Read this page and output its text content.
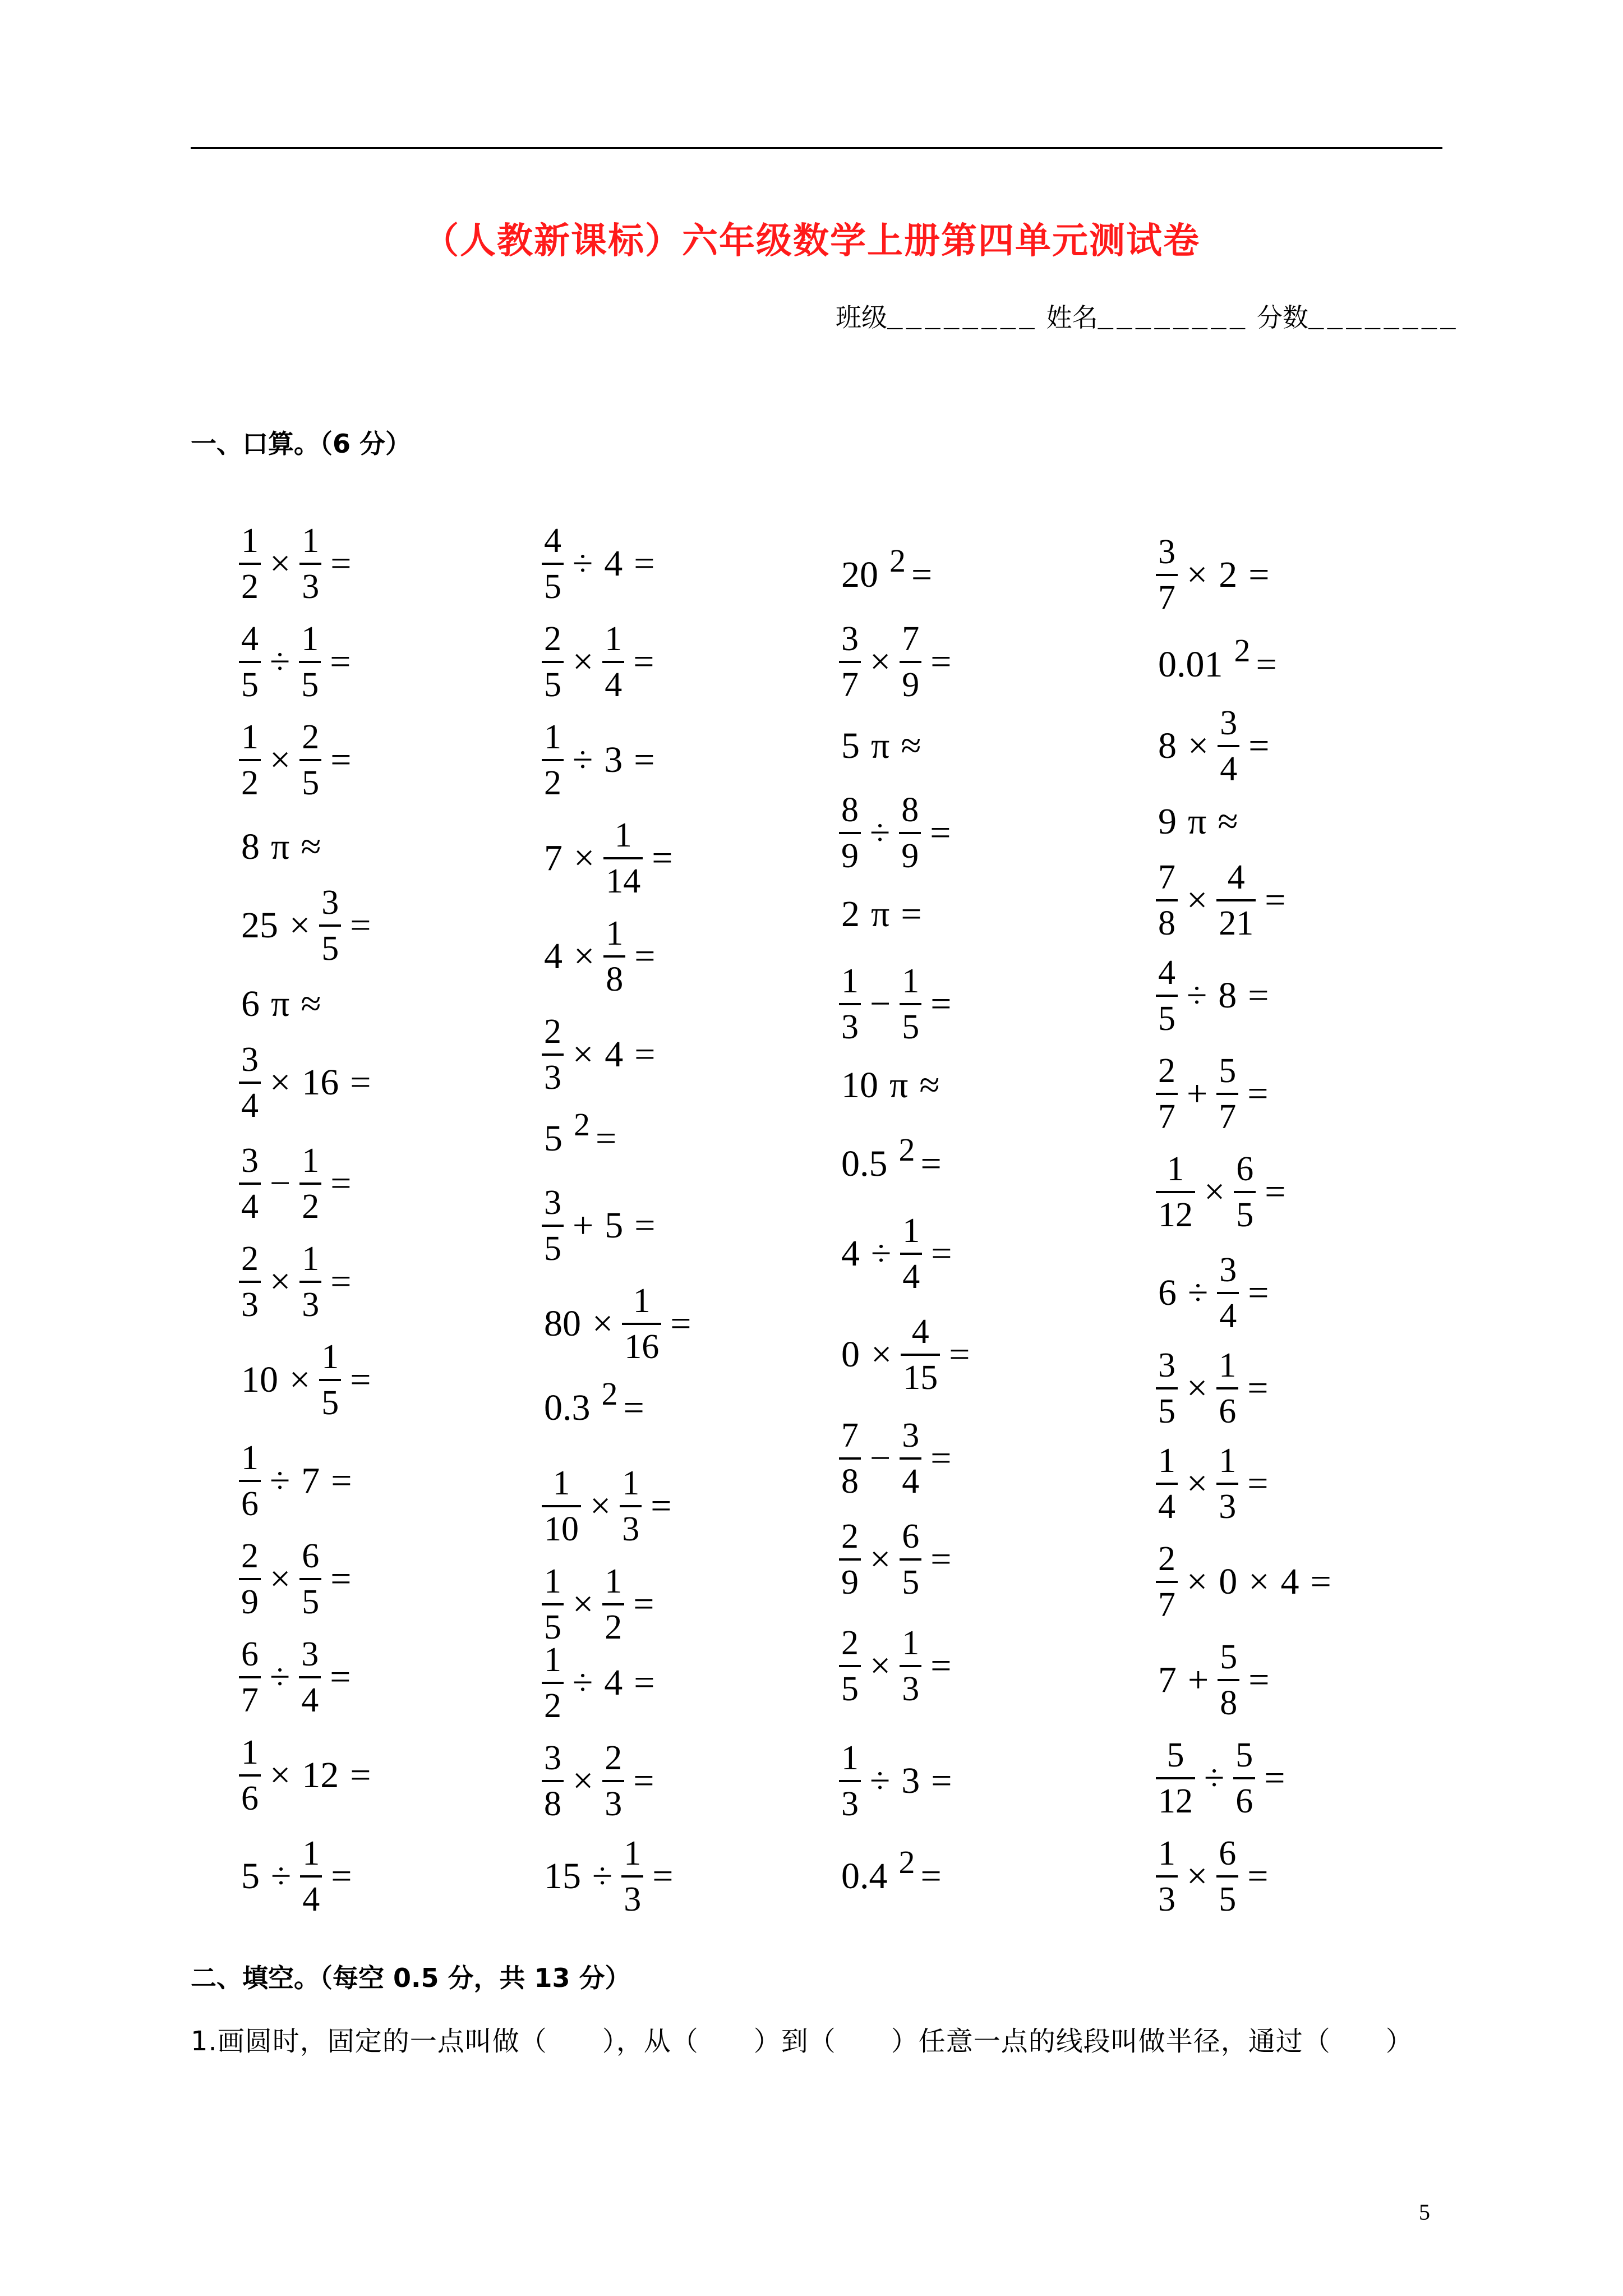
（人教新课标）六年级数学上册第四单元测试卷
班级________ 姓名________ 分数________
一、口算。（6 分）
$\frac{1}{2} \times \frac{1}{3}$ =
$\frac{4}{5} \div \frac{1}{5}$ =
$\frac{1}{2} \times \frac{2}{5}$ =
8 π ≈
$25 \times \frac{3}{5}$ =
6 π ≈
$\frac{3}{4} \times 16$ =
$\frac{3}{4} - \frac{1}{2}$ =
$\frac{2}{3} \times \frac{1}{3}$ =
$10 \times \frac{1}{5}$ =
$\frac{1}{6} \div 7$ =
$\frac{2}{9} \times \frac{6}{5}$ =
$\frac{6}{7} \div \frac{3}{4}$ =
$\frac{1}{6} \times 12$ =
$5 \div \frac{1}{4}$ =
$\frac{4}{5} \div 4$ =
$\frac{2}{5} \times \frac{1}{4}$ =
$\frac{1}{2} \div 3$ =
$7 \times \frac{1}{14}$ =
$4 \times \frac{1}{8}$ =
$\frac{2}{3} \times 4$ =
5 2 =
$\frac{3}{5} + 5$ =
$80 \times \frac{1}{16}$ =
0.3 2 =
$\frac{1}{10} \times \frac{1}{3}$ =
$\frac{1}{5} \times \frac{1}{2}$ =
$\frac{1}{2} \div 4$ =
$\frac{3}{8} \times \frac{2}{3}$ =
$15 \div \frac{1}{3}$ =
20 2 =
$\frac{3}{7} \times \frac{7}{9}$ =
5 π ≈
$\frac{8}{9} \div \frac{8}{9}$ =
2 π =
$\frac{1}{3} - \frac{1}{5}$ =
10 π ≈
0.5 2 =
$4 \div \frac{1}{4}$ =
$0 \times \frac{4}{15}$ =
$\frac{7}{8} - \frac{3}{4}$ =
$\frac{2}{9} \times \frac{6}{5}$ =
$\frac{2}{5} \times \frac{1}{3}$ =
$\frac{1}{3} \div 3$ =
0.4 2 =
$\frac{3}{7} \times 2$ =
0.01 2 =
$8 \times \frac{3}{4}$ =
9 π ≈
$\frac{7}{8} \times \frac{4}{21}$ =
$\frac{4}{5} \div 8$ =
$\frac{2}{7} + \frac{5}{7}$ =
$\frac{1}{12} \times \frac{6}{5}$ =
$6 \div \frac{3}{4}$ =
$\frac{3}{5} \times \frac{1}{6}$ =
$\frac{1}{4} \times \frac{1}{3}$ =
$\frac{2}{7} \times 0 \times 4$ =
$7 + \frac{5}{8}$ =
$\frac{5}{12} \div \frac{5}{6}$ =
$\frac{1}{3} \times \frac{6}{5}$ =
二、填空。（每空 0.5 分，共 13 分）
1.画圆时，固定的一点叫做（　　），从（　　）到（　　）任意一点的线段叫做半径，通过（　　）
5
